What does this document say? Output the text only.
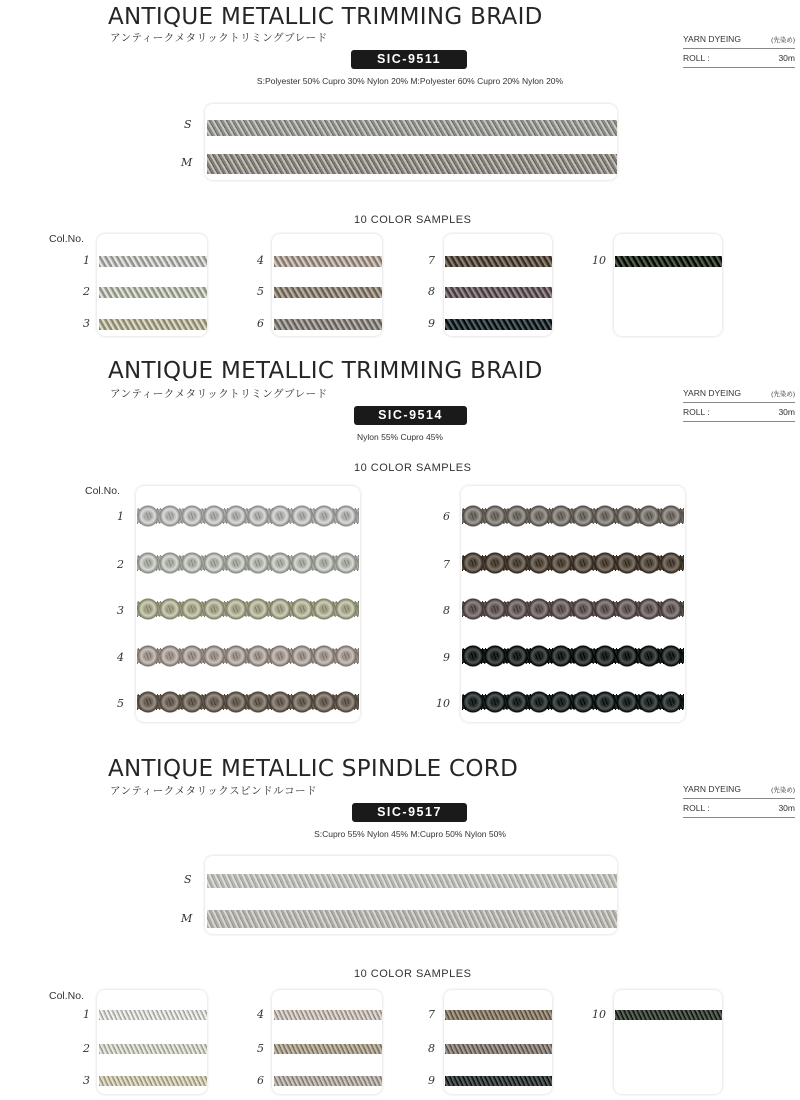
ANTIQUE METALLIC TRIMMING BRAID
アンティークメタリックトリミングブレード
SIC-9511
S:Polyester 50% Cupro 30% Nylon 20% M:Polyester 60% Cupro 20% Nylon 20%
YARN DYEING	(先染め)
ROLL :	30m
S
M
10 COLOR SAMPLES
Col.No.
1
2
3
4
5
6
7
8
9
10
ANTIQUE METALLIC TRIMMING BRAID
アンティークメタリックトリミングブレード
SIC-9514
Nylon 55% Cupro 45%
YARN DYEING	(先染め)
ROLL :	30m
10 COLOR SAMPLES
Col.No.
1
2
3
4
5
6
7
8
9
10
ANTIQUE METALLIC SPINDLE CORD
アンティークメタリックスピンドルコード
SIC-9517
S:Cupro 55% Nylon 45% M:Cupro 50% Nylon 50%
YARN DYEING	(先染め)
ROLL :	30m
S
M
10 COLOR SAMPLES
Col.No.
1
2
3
4
5
6
7
8
9
10
